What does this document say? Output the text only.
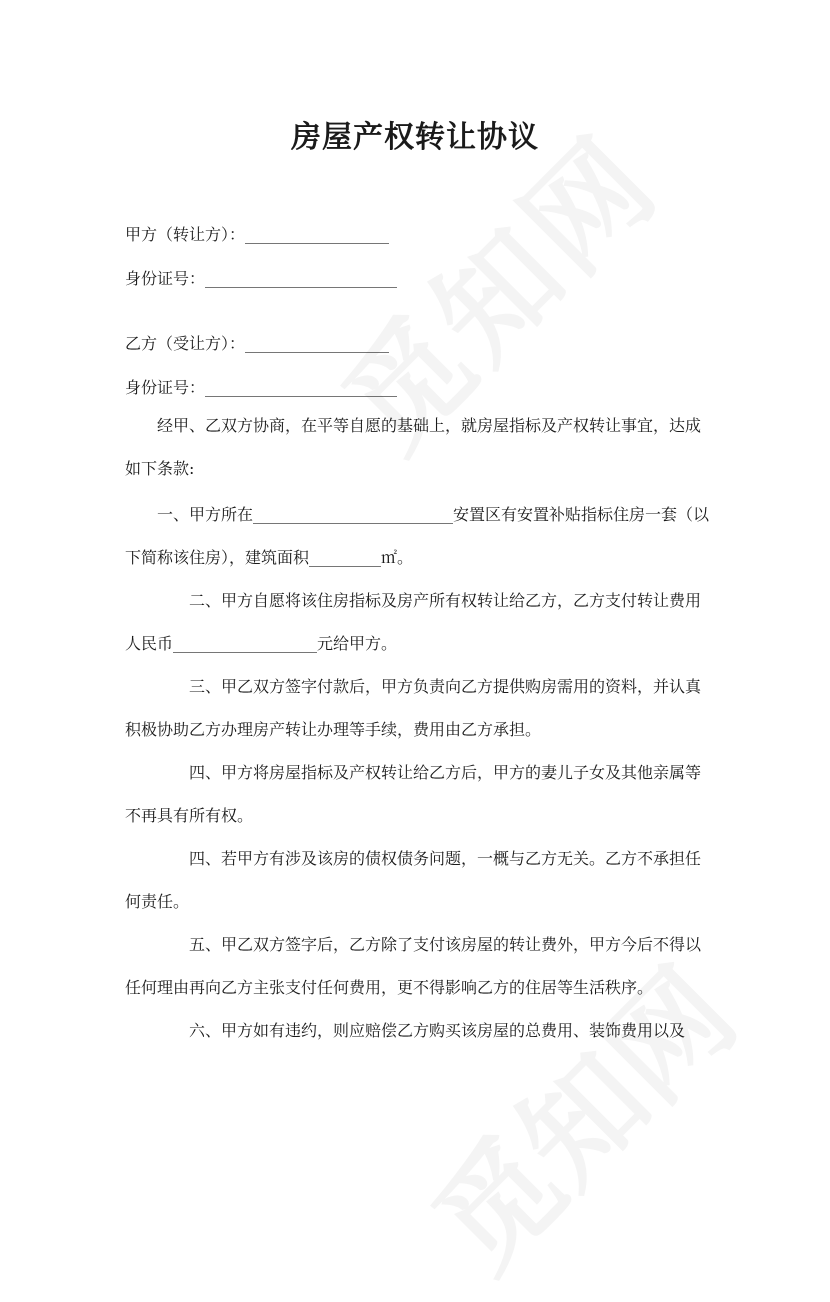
房屋产权转让协议
甲方（转让方）：__________________
身份证号：________________________
乙方（受让方）：__________________
身份证号：________________________
经甲、乙双方协商，在平等自愿的基础上，就房屋指标及产权转让事宜，达成如下条款:
一、甲方所在_________________________安置区有安置补贴指标住房一套（以下简称该住房），建筑面积_________㎡。
二、甲方自愿将该住房指标及房产所有权转让给乙方，乙方支付转让费用人民币__________________元给甲方。
三、甲乙双方签字付款后，甲方负责向乙方提供购房需用的资料，并认真积极协助乙方办理房产转让办理等手续，费用由乙方承担。
四、甲方将房屋指标及产权转让给乙方后，甲方的妻儿子女及其他亲属等不再具有所有权。
四、若甲方有涉及该房的债权债务问题，一概与乙方无关。乙方不承担任何责任。
五、甲乙双方签字后，乙方除了支付该房屋的转让费外，甲方今后不得以任何理由再向乙方主张支付任何费用，更不得影响乙方的住居等生活秩序。
六、甲方如有违约，则应赔偿乙方购买该房屋的总费用、装饰费用以及
